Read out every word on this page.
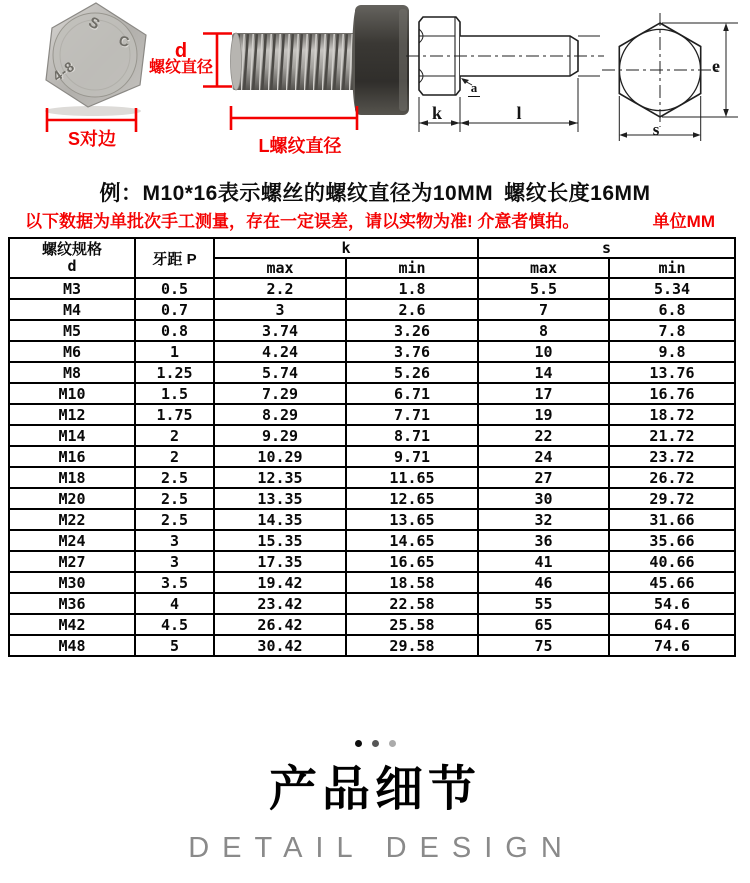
S
C
4-8
S对边
d
螺纹直径
L螺纹直径
k	l
a
e
s
例：M10*16表示螺丝的螺纹直径为10MM 螺纹长度16MM
以下数据为单批次手工测量，存在一定误差，请以实物为准! 介意者慎拍。	单位MM
螺纹规格
d	牙距 P	k		s	
		max	min	max	min
M3	0.5	2.2	1.8	5.5	5.34
M4	0.7	3	2.6	7	6.8
M5	0.8	3.74	3.26	8	7.8
M6	1	4.24	3.76	10	9.8
M8	1.25	5.74	5.26	14	13.76
M10	1.5	7.29	6.71	17	16.76
M12	1.75	8.29	7.71	19	18.72
M14	2	9.29	8.71	22	21.72
M16	2	10.29	9.71	24	23.72
M18	2.5	12.35	11.65	27	26.72
M20	2.5	13.35	12.65	30	29.72
M22	2.5	14.35	13.65	32	31.66
M24	3	15.35	14.65	36	35.66
M27	3	17.35	16.65	41	40.66
M30	3.5	19.42	18.58	46	45.66
M36	4	23.42	22.58	55	54.6
M42	4.5	26.42	25.58	65	64.6
M48	5	30.42	29.58	75	74.6
产品细节
DETAIL DESIGN
